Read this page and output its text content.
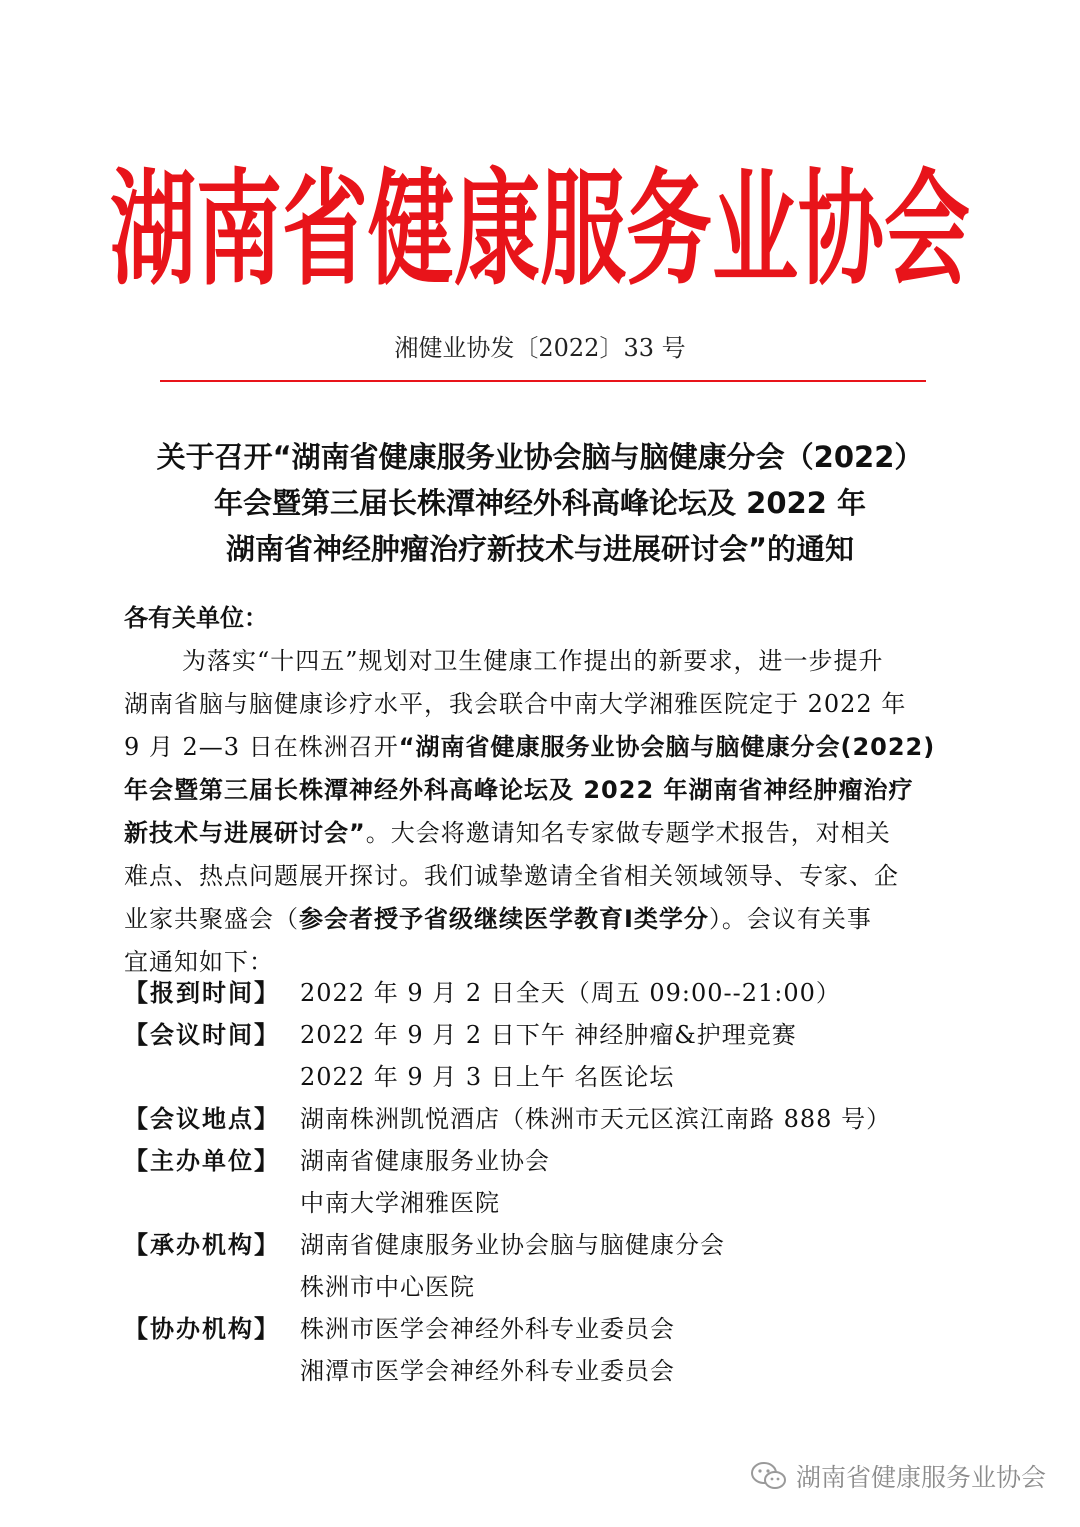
湖南省健康服务业协会
湘健业协发〔2022〕33 号
关于召开“湖南省健康服务业协会脑与脑健康分会（2022）
年会暨第三届长株潭神经外科高峰论坛及 2022 年
湖南省神经肿瘤治疗新技术与进展研讨会”的通知
各有关单位：
为落实“十四五”规划对卫生健康工作提出的新要求，进一步提升
湖南省脑与脑健康诊疗水平，我会联合中南大学湘雅医院定于 2022 年
9 月 2—3 日在株洲召开“湖南省健康服务业协会脑与脑健康分会(2022)
年会暨第三届长株潭神经外科高峰论坛及 2022 年湖南省神经肿瘤治疗
新技术与进展研讨会”。大会将邀请知名专家做专题学术报告，对相关
难点、热点问题展开探讨。我们诚挚邀请全省相关领域领导、专家、企
业家共聚盛会（参会者授予省级继续医学教育Ⅰ类学分）。会议有关事
宜通知如下：
【报到时间】 2022 年 9 月 2 日全天（周五 09:00--21:00）
【会议时间】 2022 年 9 月 2 日下午 神经肿瘤&护理竞赛
2022 年 9 月 3 日上午 名医论坛
【会议地点】 湖南株洲凯悦酒店（株洲市天元区滨江南路 888 号）
【主办单位】 湖南省健康服务业协会
中南大学湘雅医院
【承办机构】 湖南省健康服务业协会脑与脑健康分会
株洲市中心医院
【协办机构】 株洲市医学会神经外科专业委员会
湘潭市医学会神经外科专业委员会
湖南省健康服务业协会
